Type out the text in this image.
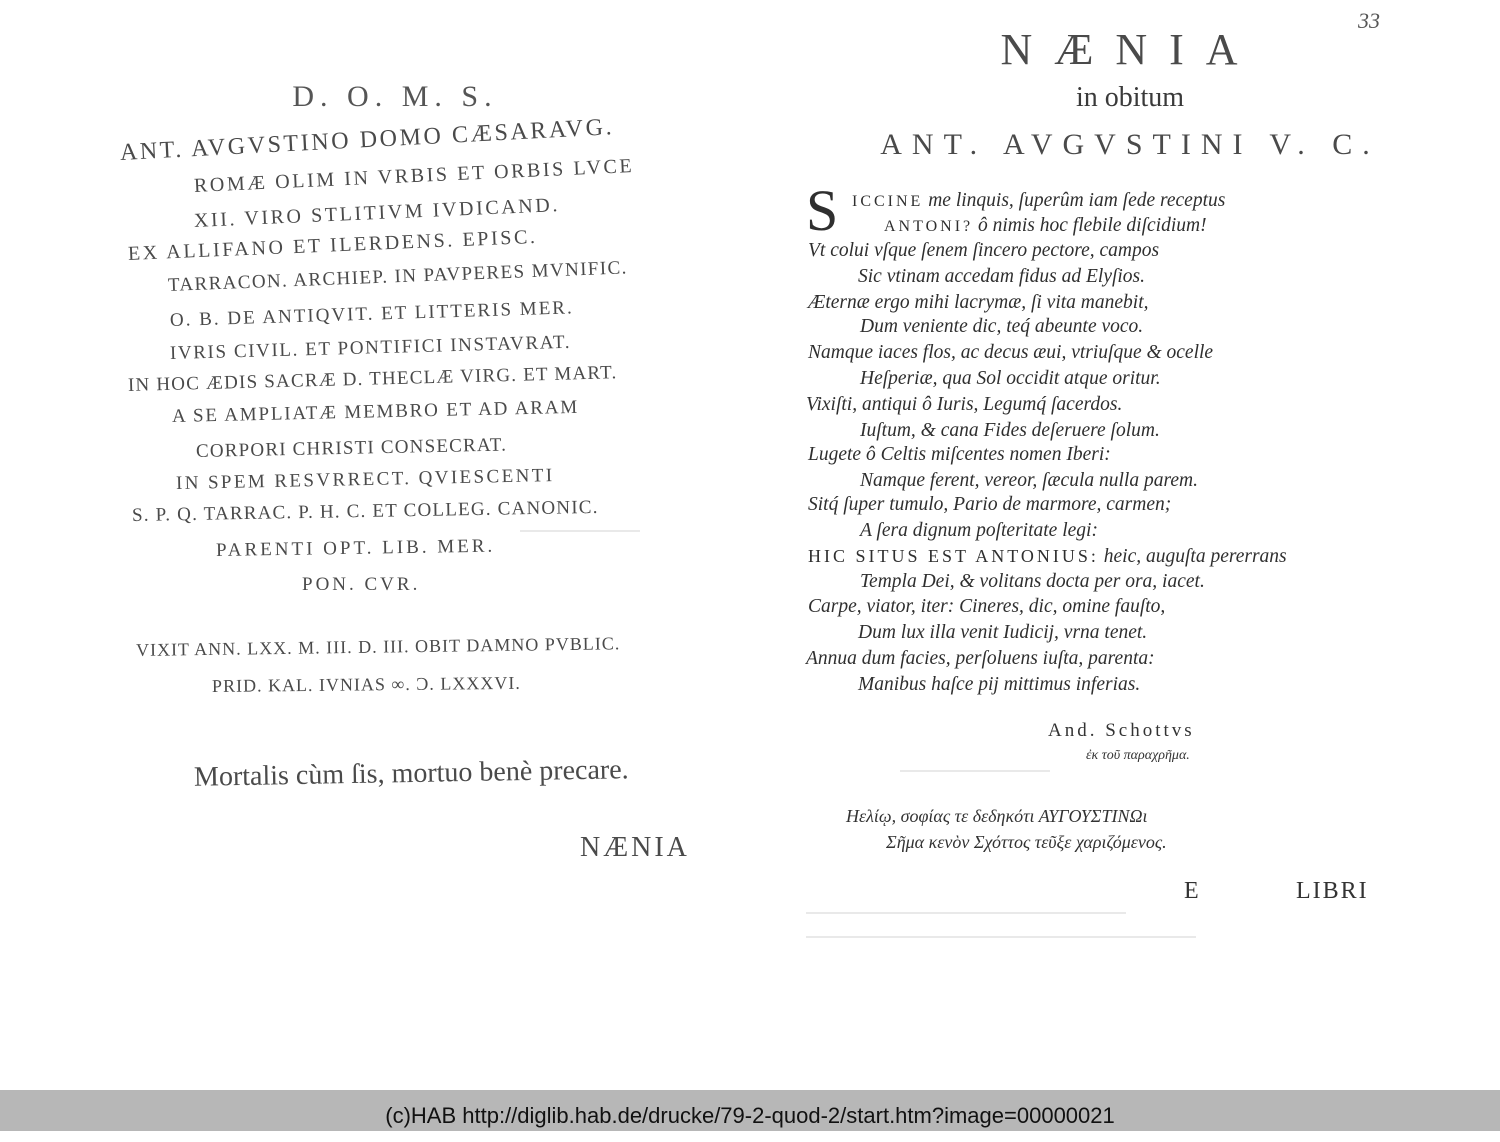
D. O. M. S.
ANT. AVGVSTINO DOMO CÆSARAVG.
ROMÆ OLIM IN VRBIS ET ORBIS LVCE
XII. VIRO STLITIVM IVDICAND.
EX ALLIFANO ET ILERDENS. EPISC.
TARRACON. ARCHIEP. IN PAVPERES MVNIFIC.
O. B. DE ANTIQVIT. ET LITTERIS MER.
IVRIS CIVIL. ET PONTIFICI INSTAVRAT.
IN HOC ÆDIS SACRÆ D. THECLÆ VIRG. ET MART.
A SE AMPLIATÆ MEMBRO ET AD ARAM
CORPORI CHRISTI CONSECRAT.
IN SPEM RESVRRECT. QVIESCENTI
S. P. Q. TARRAC. P. H. C. ET COLLEG. CANONIC.
PARENTI OPT. LIB. MER.
PON. CVR.
VIXIT ANN. LXX. M. III. D. III. OBIT DAMNO PVBLIC.
PRID. KAL. IVNIAS ∞. Ͻ. LXXXVI.
Mortalis cùm ſis, mortuo benè precare.
NÆNIA
33
NÆNIA
in obitum
ANT. AVGVSTINI V. C.
S ICCINE me linquis, ſuperûm iam ſede receptus
ANTONI? ô nimis hoc flebile diſcidium!
Vt colui vſque ſenem ſincero pectore, campos
Sic vtinam accedam fidus ad Elyſios.
Æternæ ergo mihi lacrymæ, ſi vita manebit,
Dum veniente dic, teq́ abeunte voco.
Namque iaces flos, ac decus æui, vtriuſque & ocelle
Heſperiæ, qua Sol occidit atque oritur.
Vixiſti, antiqui ô Iuris, Legumq́ ſacerdos.
Iuſtum, & cana Fides deſeruere ſolum.
Lugete ô Celtis miſcentes nomen Iberi:
Namque ferent, vereor, ſæcula nulla parem.
Sitq́ ſuper tumulo, Pario de marmore, carmen;
A ſera dignum poſteritate legi:
HIC SITUS EST ANTONIUS: heic, auguſta pererrans
Templa Dei, & volitans docta per ora, iacet.
Carpe, viator, iter: Cineres, dic, omine fauſto,
Dum lux illa venit Iudicij, vrna tenet.
Annua dum facies, perſoluens iuſta, parenta:
Manibus haſce pij mittimus inferias.
And. Schottvs
ἐκ τοῦ παραχρῆμα.
Ηελίῳ, σοφίας τε δεδηκότι ΑΥΓΟΥΣΤΙΝΩι
Σῆμα κενὸν Σχόττος τεῦξε χαριζόμενος.
E	LIBRI
(c)HAB http://diglib.hab.de/drucke/79-2-quod-2/start.htm?image=00000021
